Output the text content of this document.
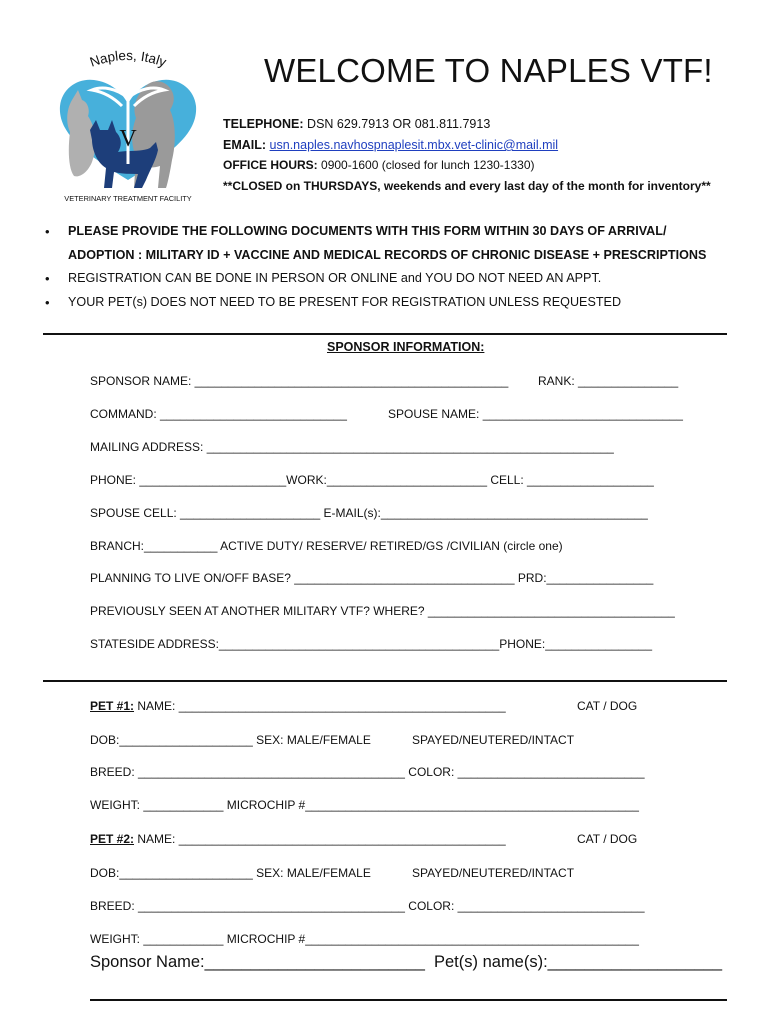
Naples, Italy
V
VETERINARY TREATMENT FACILITY
WELCOME TO NAPLES VTF!
TELEPHONE: DSN 629.7913 OR 081.811.7913
EMAIL: usn.naples.navhospnaplesit.mbx.vet-clinic@mail.mil
OFFICE HOURS: 0900-1600 (closed for lunch 1230-1330)
**CLOSED on THURSDAYS, weekends and every last day of the month for inventory**
• PLEASE PROVIDE THE FOLLOWING DOCUMENTS WITH THIS FORM WITHIN 30 DAYS OF ARRIVAL/
ADOPTION : MILITARY ID + VACCINE AND MEDICAL RECORDS OF CHRONIC DISEASE + PRESCRIPTIONS
• REGISTRATION CAN BE DONE IN PERSON OR ONLINE and YOU DO NOT NEED AN APPT.
• YOUR PET(s) DOES NOT NEED TO BE PRESENT FOR REGISTRATION UNLESS REQUESTED
SPONSOR INFORMATION:
SPONSOR NAME: _______________________________________________ RANK: _______________
COMMAND: ____________________________	SPOUSE NAME: ______________________________
MAILING ADDRESS: _____________________________________________________________
PHONE: ______________________WORK:________________________ CELL: ___________________
SPOUSE CELL: _____________________ E-MAIL(s):________________________________________
BRANCH:___________ ACTIVE DUTY/ RESERVE/ RETIRED/GS /CIVILIAN (circle one)
PLANNING TO LIVE ON/OFF BASE? _________________________________ PRD:________________
PREVIOUSLY SEEN AT ANOTHER MILITARY VTF? WHERE? _____________________________________
STATESIDE ADDRESS:__________________________________________PHONE:________________
PET #1: NAME: _________________________________________________	CAT / DOG
DOB:____________________ SEX: MALE/FEMALE	SPAYED/NEUTERED/INTACT
BREED: ________________________________________ COLOR: ____________________________
WEIGHT: ____________ MICROCHIP #__________________________________________________
PET #2: NAME: _________________________________________________	CAT / DOG
DOB:____________________ SEX: MALE/FEMALE	SPAYED/NEUTERED/INTACT
BREED: ________________________________________ COLOR: ____________________________
WEIGHT: ____________ MICROCHIP #__________________________________________________
Sponsor Name:________________________ Pet(s) name(s):___________________
